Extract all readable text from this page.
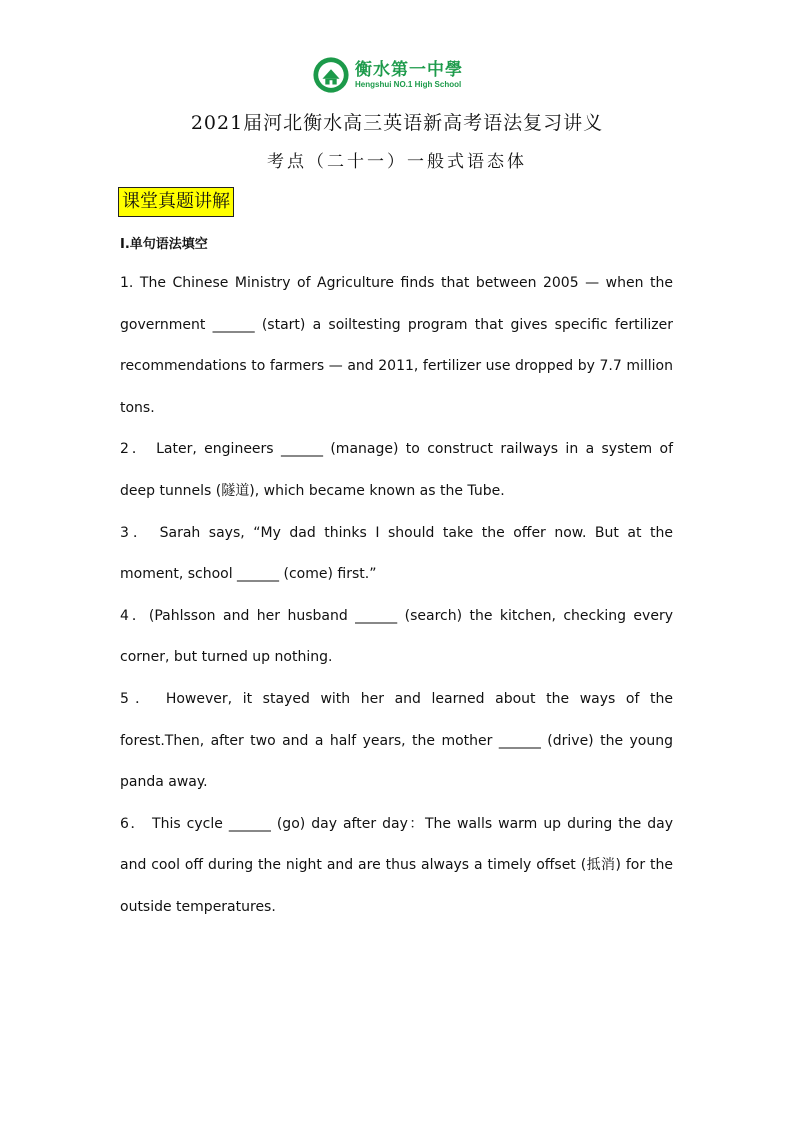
衡水第一中學
Hengshui NO.1 High School
2021届河北衡水高三英语新高考语法复习讲义
考点（二十一）一般式语态体
课堂真题讲解
Ⅰ.单句语法填空

1. The Chinese Ministry of Agriculture finds that between 2005 — when the government ______ (start) a soiltesting program that gives specific fertilizer recommendations to farmers — and 2011, fertilizer use dropped by 7.7 million tons.

2． Later, engineers ______ (manage) to construct railways in a system of deep tunnels (隧道), which became known as the Tube.

3． Sarah says, “My dad thinks I should take the offer now. But at the moment, school ______ (come) first.”

4．(Pahlsson and her husband ______ (search) the kitchen, checking every corner, but turned up nothing.

5． However, it stayed with her and learned about the ways of the forest.Then, after two and a half years, the mother ______ (drive) the young panda away.

6． This cycle ______ (go) day after day：The walls warm up during the day and cool off during the night and are thus always a timely offset (抵消) for the outside temperatures.
